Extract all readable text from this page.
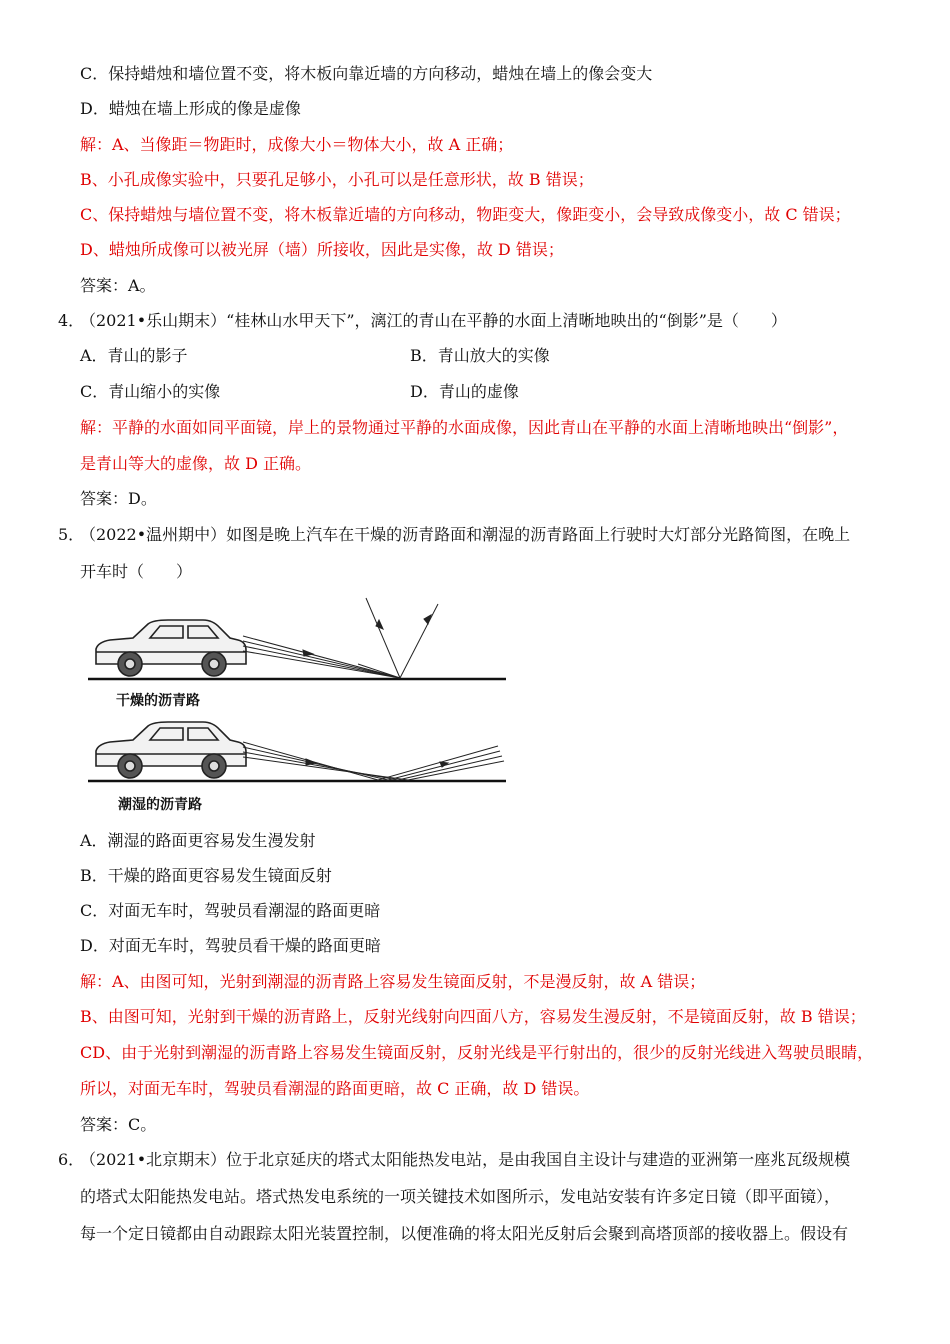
C．保持蜡烛和墙位置不变，将木板向靠近墙的方向移动，蜡烛在墙上的像会变大
D．蜡烛在墙上形成的像是虚像
解：A、当像距＝物距时，成像大小＝物体大小，故 A 正确；
B、小孔成像实验中，只要孔足够小，小孔可以是任意形状，故 B 错误；
C、保持蜡烛与墙位置不变，将木板靠近墙的方向移动，物距变大，像距变小，会导致成像变小，故 C 错误；
D、蜡烛所成像可以被光屏（墙）所接收，因此是实像，故 D 错误；
答案：A。
4．
（2021•乐山期末）“桂林山水甲天下”，漓江的青山在平静的水面上清晰地映出的“倒影”是（　　）
A．青山的影子	B．青山放大的实像
C．青山缩小的实像	D．青山的虚像
解：平静的水面如同平面镜，岸上的景物通过平静的水面成像，因此青山在平静的水面上清晰地映出“倒影”，
是青山等大的虚像，故 D 正确。
答案：D。
5．
（2022•温州期中）如图是晚上汽车在干燥的沥青路面和潮湿的沥青路面上行驶时大灯部分光路简图，在晚上
开车时（　　）
干燥的沥青路
潮湿的沥青路
A．潮湿的路面更容易发生漫发射
B．干燥的路面更容易发生镜面反射
C．对面无车时，驾驶员看潮湿的路面更暗
D．对面无车时，驾驶员看干燥的路面更暗
解：A、由图可知，光射到潮湿的沥青路上容易发生镜面反射，不是漫反射，故 A 错误；
B、由图可知，光射到干燥的沥青路上，反射光线射向四面八方，容易发生漫反射，不是镜面反射，故 B 错误；
CD、由于光射到潮湿的沥青路上容易发生镜面反射，反射光线是平行射出的，很少的反射光线进入驾驶员眼睛，
所以，对面无车时，驾驶员看潮湿的路面更暗，故 C 正确，故 D 错误。
答案：C。
6．
（2021•北京期末）位于北京延庆的塔式太阳能热发电站，是由我国自主设计与建造的亚洲第一座兆瓦级规模
的塔式太阳能热发电站。塔式热发电系统的一项关键技术如图所示，发电站安装有许多定日镜（即平面镜），
每一个定日镜都由自动跟踪太阳光装置控制，以便准确的将太阳光反射后会聚到高塔顶部的接收器上。假设有
